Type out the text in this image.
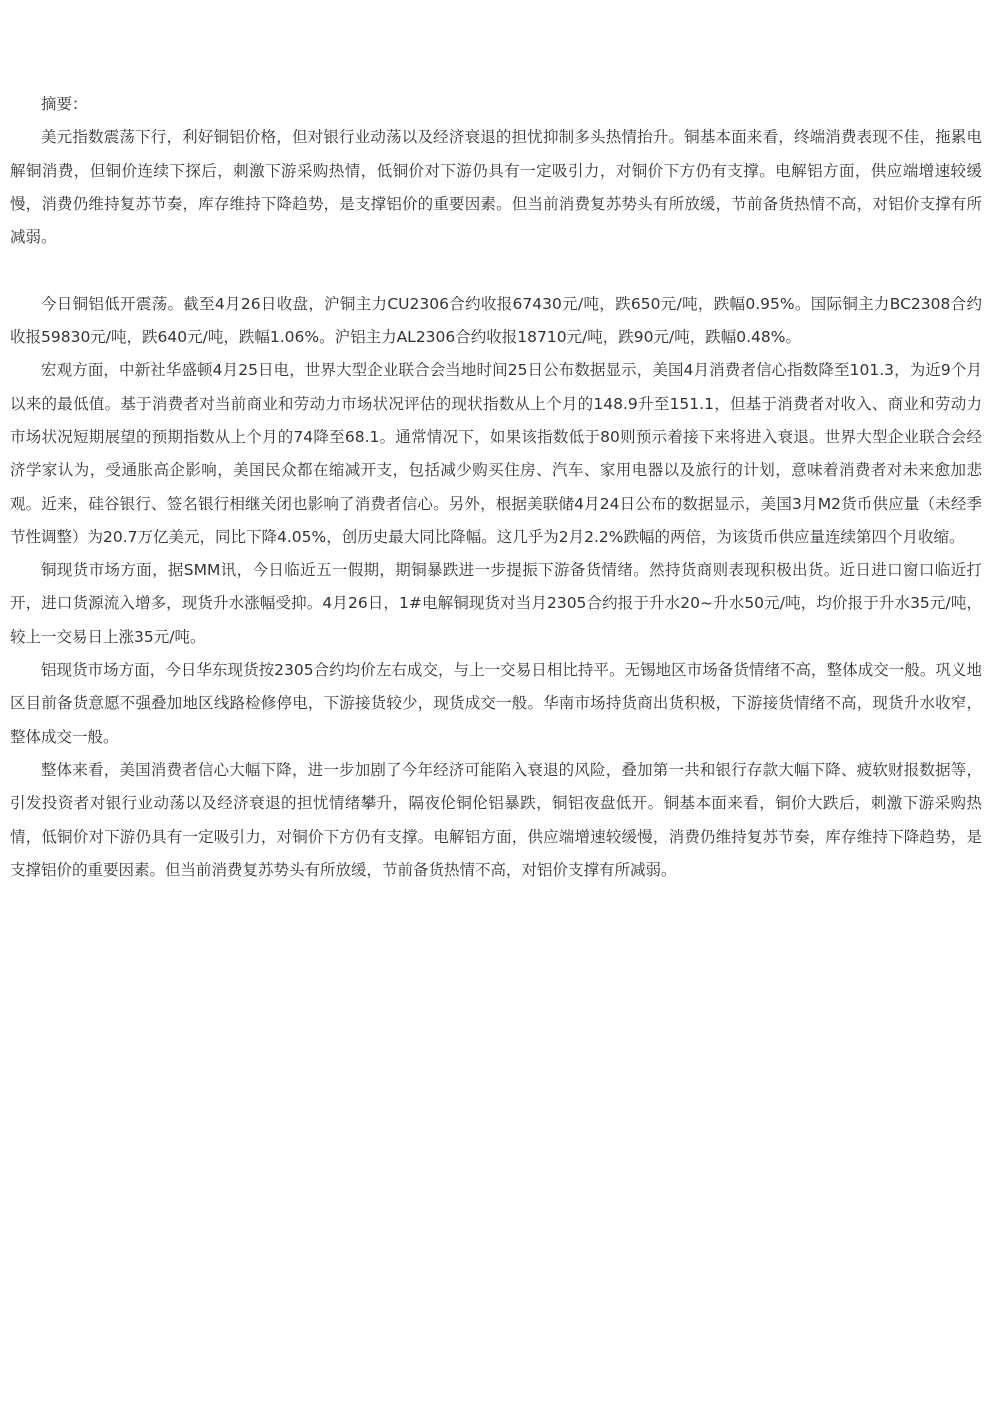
摘要：

美元指数震荡下行，利好铜铝价格，但对银行业动荡以及经济衰退的担忧抑制多头热情抬升。铜基本面来看，终端消费表现不佳，拖累电解铜消费，但铜价连续下探后，刺激下游采购热情，低铜价对下游仍具有一定吸引力，对铜价下方仍有支撑。电解铝方面，供应端增速较缓慢，消费仍维持复苏节奏，库存维持下降趋势，是支撑铝价的重要因素。但当前消费复苏势头有所放缓，节前备货热情不高，对铝价支撑有所减弱。

今日铜铝低开震荡。截至4月26日收盘，沪铜主力CU2306合约收报67430元/吨，跌650元/吨，跌幅0.95%。国际铜主力BC2308合约收报59830元/吨，跌640元/吨，跌幅1.06%。沪铝主力AL2306合约收报18710元/吨，跌90元/吨，跌幅0.48%。

宏观方面，中新社华盛顿4月25日电，世界大型企业联合会当地时间25日公布数据显示，美国4月消费者信心指数降至101.3，为近9个月以来的最低值。基于消费者对当前商业和劳动力市场状况评估的现状指数从上个月的148.9升至151.1，但基于消费者对收入、商业和劳动力市场状况短期展望的预期指数从上个月的74降至68.1。通常情况下，如果该指数低于80则预示着接下来将进入衰退。世界大型企业联合会经济学家认为，受通胀高企影响，美国民众都在缩减开支，包括减少购买住房、汽车、家用电器以及旅行的计划，意味着消费者对未来愈加悲观。近来，硅谷银行、签名银行相继关闭也影响了消费者信心。另外，根据美联储4月24日公布的数据显示，美国3月M2货币供应量（未经季节性调整）为20.7万亿美元，同比下降4.05%，创历史最大同比降幅。这几乎为2月2.2%跌幅的两倍，为该货币供应量连续第四个月收缩。

铜现货市场方面，据SMM讯，今日临近五一假期，期铜暴跌进一步提振下游备货情绪。然持货商则表现积极出货。近日进口窗口临近打开，进口货源流入增多，现货升水涨幅受抑。4月26日，1#电解铜现货对当月2305合约报于升水20~升水50元/吨，均价报于升水35元/吨，较上一交易日上涨35元/吨。

铝现货市场方面，今日华东现货按2305合约均价左右成交，与上一交易日相比持平。无锡地区市场备货情绪不高，整体成交一般。巩义地区目前备货意愿不强叠加地区线路检修停电，下游接货较少，现货成交一般。华南市场持货商出货积极，下游接货情绪不高，现货升水收窄，整体成交一般。

整体来看，美国消费者信心大幅下降，进一步加剧了今年经济可能陷入衰退的风险，叠加第一共和银行存款大幅下降、疲软财报数据等，引发投资者对银行业动荡以及经济衰退的担忧情绪攀升，隔夜伦铜伦铝暴跌，铜铝夜盘低开。铜基本面来看，铜价大跌后，刺激下游采购热情，低铜价对下游仍具有一定吸引力，对铜价下方仍有支撑。电解铝方面，供应端增速较缓慢，消费仍维持复苏节奏，库存维持下降趋势，是支撑铝价的重要因素。但当前消费复苏势头有所放缓，节前备货热情不高，对铝价支撑有所减弱。
